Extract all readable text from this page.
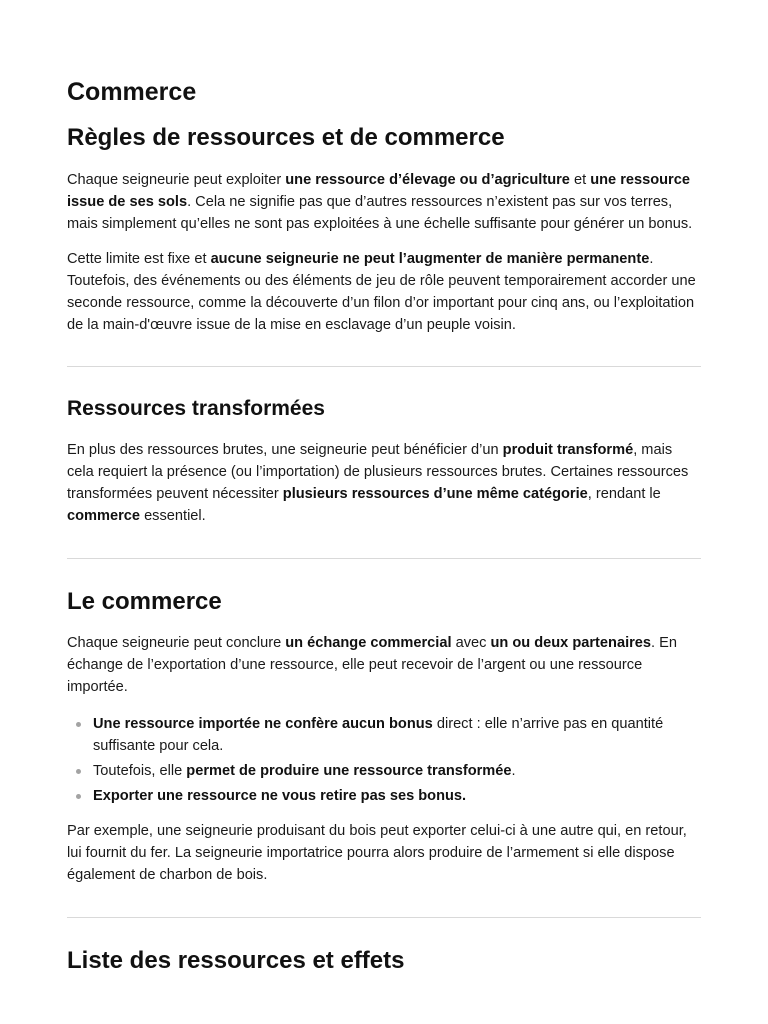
Commerce
Règles de ressources et de commerce

Chaque seigneurie peut exploiter une ressource d’élevage ou d’agriculture et une ressource issue de ses sols. Cela ne signifie pas que d’autres ressources n’existent pas sur vos terres, mais simplement qu’elles ne sont pas exploitées à une échelle suffisante pour générer un bonus.

Cette limite est fixe et aucune seigneurie ne peut l’augmenter de manière permanente. Toutefois, des événements ou des éléments de jeu de rôle peuvent temporairement accorder une seconde ressource, comme la découverte d’un filon d’or important pour cinq ans, ou l’exploitation de la main-d'œuvre issue de la mise en esclavage d’un peuple voisin.

Ressources transformées

En plus des ressources brutes, une seigneurie peut bénéficier d’un produit transformé, mais cela requiert la présence (ou l’importation) de plusieurs ressources brutes. Certaines ressources transformées peuvent nécessiter plusieurs ressources d’une même catégorie, rendant le commerce essentiel.

Le commerce

Chaque seigneurie peut conclure un échange commercial avec un ou deux partenaires. En échange de l’exportation d’une ressource, elle peut recevoir de l’argent ou une ressource importée.

Une ressource importée ne confère aucun bonus direct : elle n’arrive pas en quantité suffisante pour cela.
Toutefois, elle permet de produire une ressource transformée.
Exporter une ressource ne vous retire pas ses bonus.

Par exemple, une seigneurie produisant du bois peut exporter celui-ci à une autre qui, en retour, lui fournit du fer. La seigneurie importatrice pourra alors produire de l’armement si elle dispose également de charbon de bois.

Liste des ressources et effets
